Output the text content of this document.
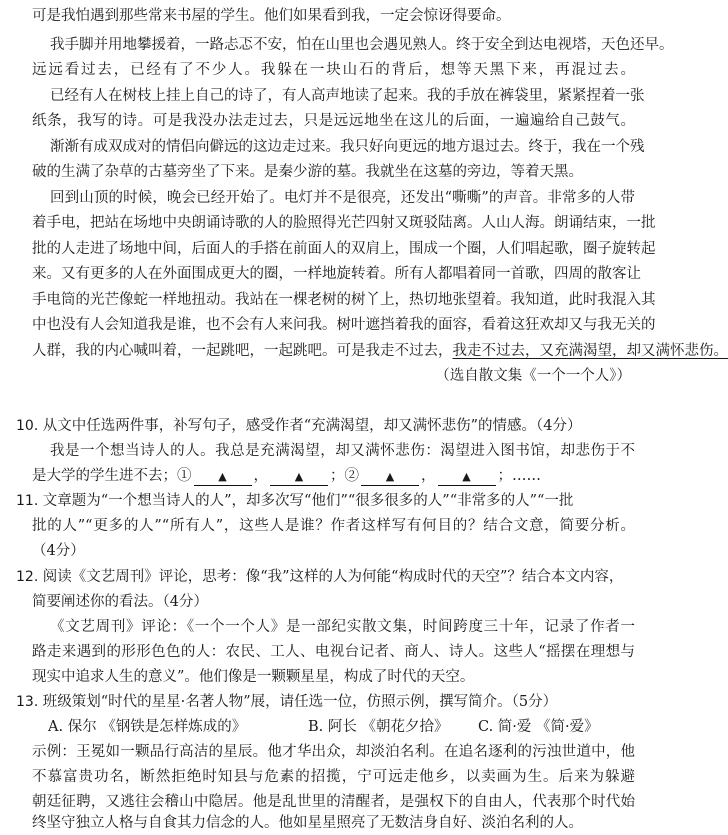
可是我怕遇到那些常来书屋的学生。他们如果看到我，一定会惊讶得要命。
我手脚并用地攀援着，一路忐忑不安，怕在山里也会遇见熟人。终于安全到达电视塔，天色还早。
远远看过去，已经有了不少人。我躲在一块山石的背后，想等天黑下来，再混过去。
已经有人在树枝上挂上自己的诗了，有人高声地读了起来。我的手放在裤袋里，紧紧捏着一张
纸条，我写的诗。可是我没办法走过去，只是远远地坐在这儿的后面，一遍遍给自己鼓气。
渐渐有成双成对的情侣向僻远的这边走过来。我只好向更远的地方退过去。终于，我在一个残
破的生满了杂草的古墓旁坐了下来。是秦少游的墓。我就坐在这墓的旁边，等着天黑。
回到山顶的时候，晚会已经开始了。电灯并不是很亮，还发出“嘶嘶”的声音。非常多的人带
着手电，把站在场地中央朗诵诗歌的人的脸照得光芒四射又斑驳陆离。人山人海。朗诵结束，一批
批的人走进了场地中间，后面人的手搭在前面人的双肩上，围成一个圈，人们唱起歌，圈子旋转起
来。又有更多的人在外面围成更大的圈，一样地旋转着。所有人都唱着同一首歌，四周的散客让
手电筒的光芒像蛇一样地扭动。我站在一棵老树的树丫上，热切地张望着。我知道，此时我混入其
中也没有人会知道我是谁，也不会有人来问我。树叶遮挡着我的面容，看着这狂欢却又与我无关的
人群，我的内心喊叫着，一起跳吧，一起跳吧。可是我走不过去，我走不过去，又充满渴望，却又满怀悲伤。
（选自散文集《一个一个人》）
10. 从文中任选两件事，补写句子，感受作者“充满渴望，却又满怀悲伤”的情感。（4分）
我是一个想当诗人的人。我总是充满渴望，却又满怀悲伤：渴望进入图书馆，却悲伤于不
是大学的学生进不去；① ▲ ， ▲ ；② ▲ ， ▲ ；……
11. 文章题为“一个想当诗人的人”，却多次写“他们”“很多很多的人”“非常多的人”“一批
批的人”“更多的人”“所有人”，这些人是谁？作者这样写有何目的？结合文意，简要分析。
（4分）
12. 阅读《文艺周刊》评论，思考：像“我”这样的人为何能“构成时代的天空”？结合本文内容，
简要阐述你的看法。（4分）
《文艺周刊》评论：《一个一个人》是一部纪实散文集，时间跨度三十年，记录了作者一
路走来遇到的形形色色的人：农民、工人、电视台记者、商人、诗人。这些人“摇摆在理想与
现实中追求人生的意义”。他们像是一颗颗星星，构成了时代的天空。
13. 班级策划“时代的星星·名著人物”展，请任选一位，仿照示例，撰写简介。（5分）
A. 保尔 《钢铁是怎样炼成的》	B. 阿长 《朝花夕拾》 C. 简·爱 《简·爱》
示例：王冕如一颗品行高洁的星辰。他才华出众，却淡泊名利。在追名逐利的污浊世道中，他
不慕富贵功名，断然拒绝时知县与危素的招揽，宁可远走他乡，以卖画为生。后来为躲避
朝廷征聘，又逃往会稽山中隐居。他是乱世里的清醒者，是强权下的自由人，代表那个时代始
终坚守独立人格与自食其力信念的人。他如星星照亮了无数洁身自好、淡泊名利的人。
